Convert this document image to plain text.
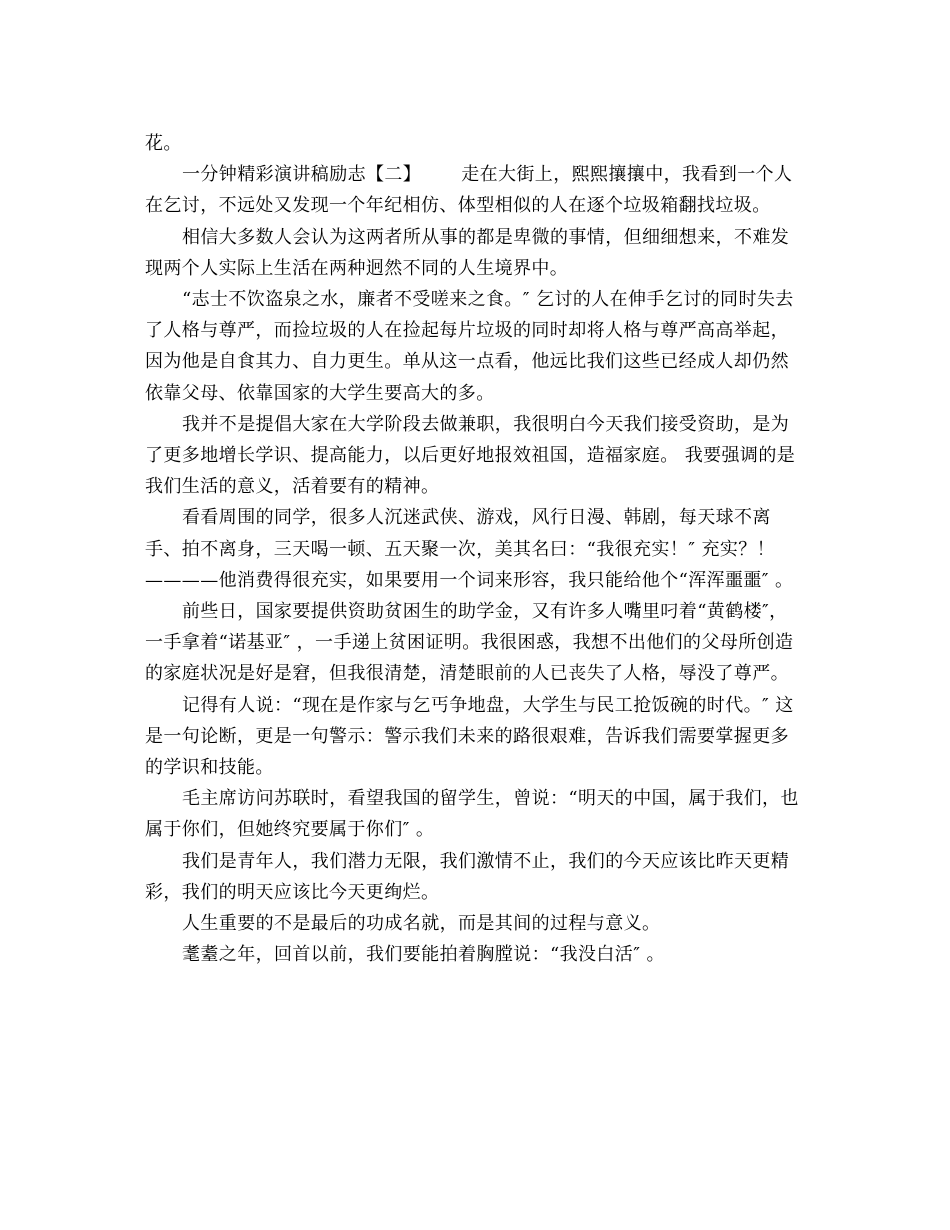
花。
一分钟精彩演讲稿励志【二】 走在大街上，熙熙攘攘中，我看到一个人
在乞讨，不远处又发现一个年纪相仿、体型相似的人在逐个垃圾箱翻找垃圾。
相信大多数人会认为这两者所从事的都是卑微的事情，但细细想来，不难发
现两个人实际上生活在两种迥然不同的人生境界中。
“志士不饮盗泉之水，廉者不受嗟来之食。″ 乞讨的人在伸手乞讨的同时失去
了人格与尊严，而捡垃圾的人在捡起每片垃圾的同时却将人格与尊严高高举起，
因为他是自食其力、自力更生。单从这一点看，他远比我们这些已经成人却仍然
依靠父母、依靠国家的大学生要高大的多。
我并不是提倡大家在大学阶段去做兼职，我很明白今天我们接受资助，是为
了更多地增长学识、提高能力，以后更好地报效祖国，造福家庭。 我要强调的是
我们生活的意义，活着要有的精神。
看看周围的同学，很多人沉迷武侠、游戏，风行日漫、韩剧，每天球不离
手、拍不离身，三天喝一顿、五天聚一次，美其名曰：“我很充实！″ 充实？！
————他消费得很充实，如果要用一个词来形容，我只能给他个“浑浑噩噩″ 。
前些日，国家要提供资助贫困生的助学金，又有许多人嘴里叼着“黄鹤楼″，
一手拿着“诺基亚″ ，一手递上贫困证明。我很困惑，我想不出他们的父母所创造
的家庭状况是好是窘，但我很清楚，清楚眼前的人已丧失了人格，辱没了尊严。
记得有人说：“现在是作家与乞丐争地盘，大学生与民工抢饭碗的时代。″ 这
是一句论断，更是一句警示：警示我们未来的路很艰难，告诉我们需要掌握更多
的学识和技能。
毛主席访问苏联时，看望我国的留学生，曾说：“明天的中国，属于我们，也
属于你们，但她终究要属于你们″ 。
我们是青年人，我们潜力无限，我们激情不止，我们的今天应该比昨天更精
彩，我们的明天应该比今天更绚烂。
人生重要的不是最后的功成名就，而是其间的过程与意义。
耄耋之年，回首以前，我们要能拍着胸膛说：“我没白活″ 。
